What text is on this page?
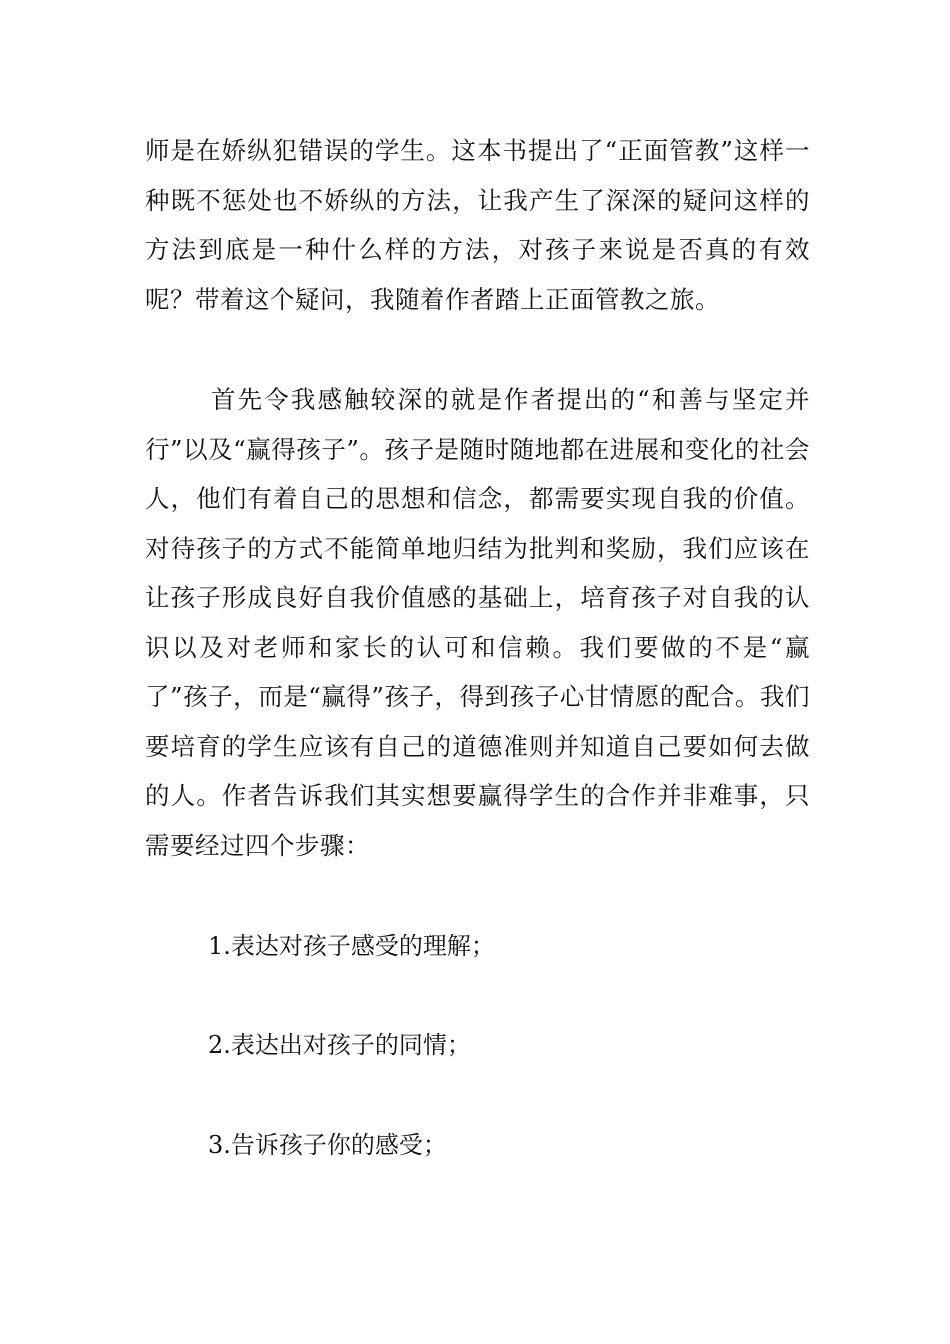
师是在娇纵犯错误的学生。这本书提出了“正面管教”这样一种既不惩处也不娇纵的方法，让我产生了深深的疑问这样的方法到底是一种什么样的方法，对孩子来说是否真的有效呢？带着这个疑问，我随着作者踏上正面管教之旅。
首先令我感触较深的就是作者提出的“和善与坚定并行”以及“赢得孩子”。孩子是随时随地都在进展和变化的社会人，他们有着自己的思想和信念，都需要实现自我的价值。对待孩子的方式不能简单地归结为批判和奖励，我们应该在让孩子形成良好自我价值感的基础上，培育孩子对自我的认识以及对老师和家长的认可和信赖。我们要做的不是“赢了”孩子，而是“赢得”孩子，得到孩子心甘情愿的配合。我们要培育的学生应该有自己的道德准则并知道自己要如何去做的人。作者告诉我们其实想要赢得学生的合作并非难事，只需要经过四个步骤：
1.表达对孩子感受的理解；
2.表达出对孩子的同情；
3.告诉孩子你的感受；
